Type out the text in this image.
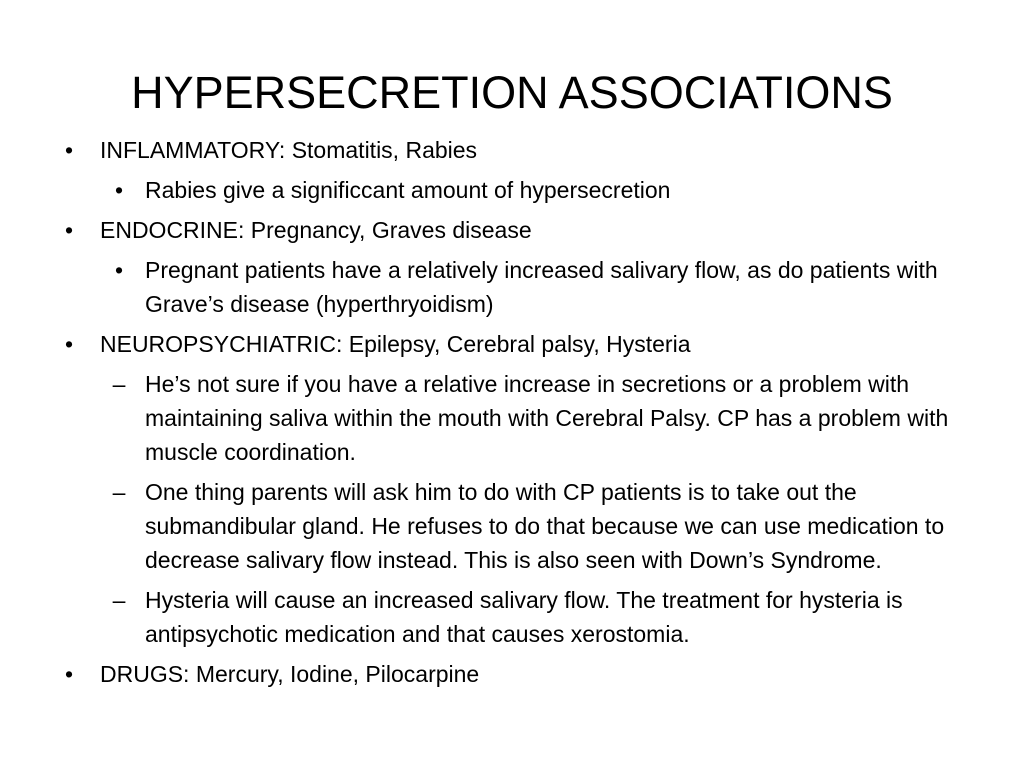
HYPERSECRETION ASSOCIATIONS
•	INFLAMMATORY: Stomatitis, Rabies
• Rabies give a significcant amount of hypersecretion
•	ENDOCRINE: Pregnancy, Graves disease
• Pregnant patients have a relatively increased salivary flow, as do patients with Grave’s disease (hyperthryoidism)
•	NEUROPSYCHIATRIC: Epilepsy, Cerebral palsy, Hysteria
– He’s not sure if you have a relative increase in secretions or a problem with maintaining saliva within the mouth with Cerebral Palsy. CP has a problem with muscle coordination.
– One thing parents will ask him to do with CP patients is to take out the submandibular gland. He refuses to do that because we can use medication to decrease salivary flow instead. This is also seen with Down’s Syndrome.
– Hysteria will cause an increased salivary flow. The treatment for hysteria is antipsychotic medication and that causes xerostomia.
•	DRUGS: Mercury, Iodine, Pilocarpine
